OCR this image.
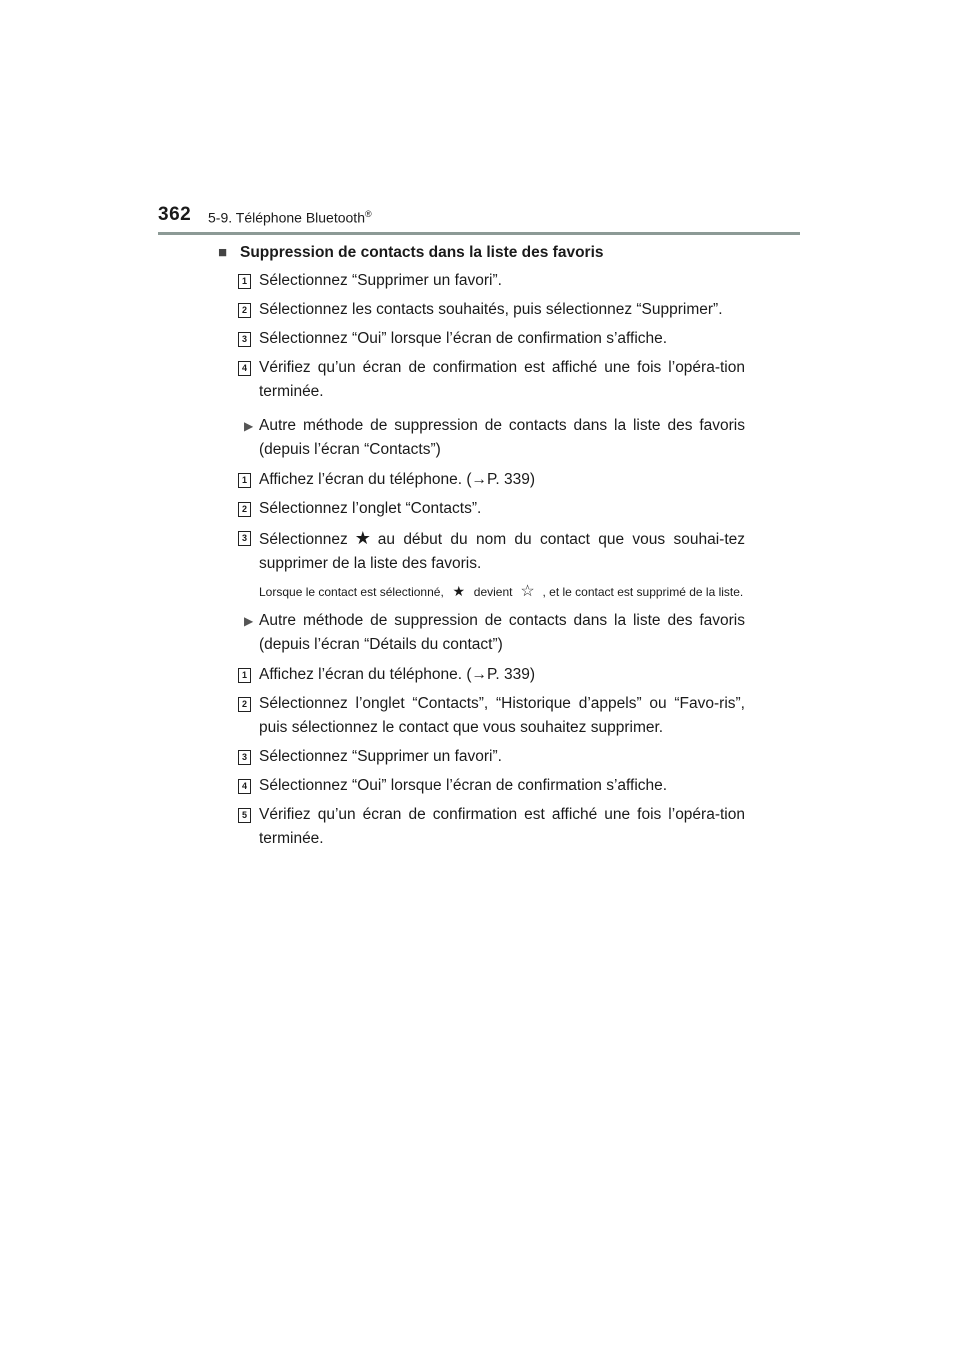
362 5-9. Téléphone Bluetooth®
■ Suppression de contacts dans la liste des favoris
1 Sélectionnez “Supprimer un favori”.
2 Sélectionnez les contacts souhaités, puis sélectionnez “Supprimer”.
3 Sélectionnez “Oui” lorsque l’écran de confirmation s’affiche.
4 Vérifiez qu’un écran de confirmation est affiché une fois l’opéra-tion terminée.
▶ Autre méthode de suppression de contacts dans la liste des favoris (depuis l’écran “Contacts”)
1 Affichez l’écran du téléphone. (→P. 339)
2 Sélectionnez l’onglet “Contacts”.
3 Sélectionnez ★ au début du nom du contact que vous souhai-tez supprimer de la liste des favoris.
Lorsque le contact est sélectionné, ★ devient ☆ , et le contact est supprimé de la liste.
▶ Autre méthode de suppression de contacts dans la liste des favoris (depuis l’écran “Détails du contact”)
1 Affichez l’écran du téléphone. (→P. 339)
2 Sélectionnez l’onglet “Contacts”, “Historique d’appels” ou “Favo-ris”, puis sélectionnez le contact que vous souhaitez supprimer.
3 Sélectionnez “Supprimer un favori”.
4 Sélectionnez “Oui” lorsque l’écran de confirmation s’affiche.
5 Vérifiez qu’un écran de confirmation est affiché une fois l’opéra-tion terminée.
